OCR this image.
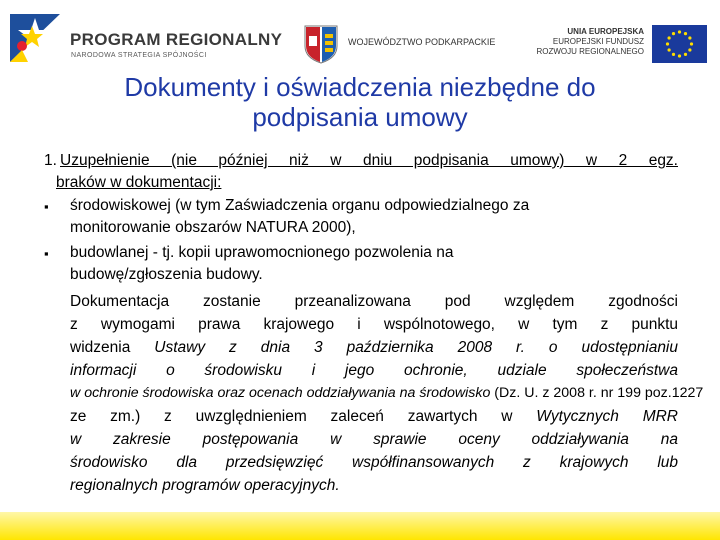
PROGRAM REGIONALNY
NARODOWA STRATEGIA SPÓJNOŚCI
WOJEWÓDZTWO PODKARPACKIE
UNIA EUROPEJSKA
EUROPEJSKI FUNDUSZ
ROZWOJU REGIONALNEGO
Dokumenty i oświadczenia niezbędne do
podpisania umowy
1. Uzupełnienie (nie później niż w dniu podpisania umowy) w 2 egz.
braków w dokumentacji:
▪ środowiskowej (w tym Zaświadczenia organu odpowiedzialnego za
monitorowanie obszarów NATURA 2000),
▪ budowlanej - tj. kopii uprawomocnionego pozwolenia na
budowę/zgłoszenia budowy.
Dokumentacja zostanie przeanalizowana pod względem zgodności
z wymogami prawa krajowego i wspólnotowego, w tym z punktu
widzenia Ustawy z dnia 3 października 2008 r. o udostępnianiu
informacji o środowisku i jego ochronie, udziale społeczeństwa
w ochronie środowiska oraz ocenach oddziaływania na środowisko (Dz. U. z 2008 r. nr 199 poz.1227
ze zm.) z uwzględnieniem zaleceń zawartych w Wytycznych MRR
w zakresie postępowania w sprawie oceny oddziaływania na
środowisko dla przedsięwzięć współfinansowanych z krajowych lub
regionalnych programów operacyjnych.
